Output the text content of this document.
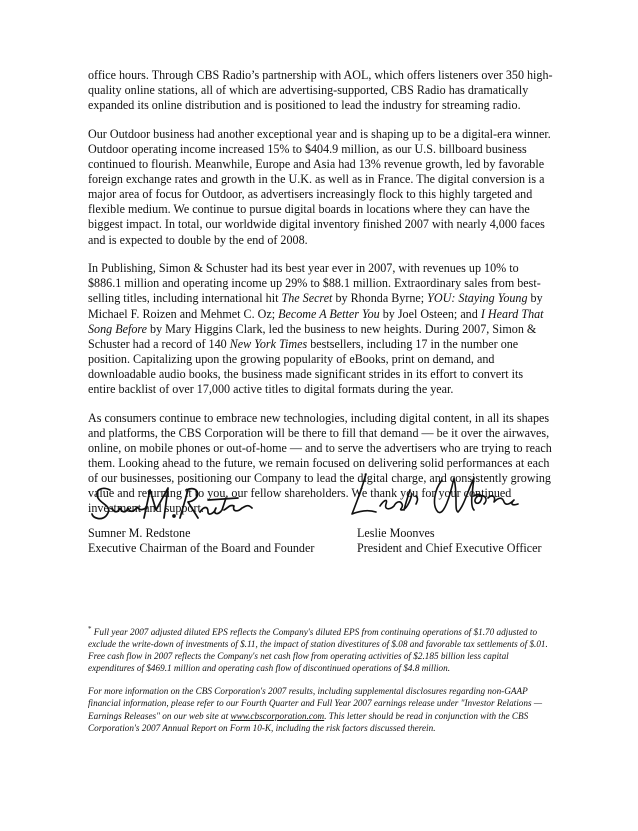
office hours. Through CBS Radio’s partnership with AOL, which offers listeners over 350 high-quality online stations, all of which are advertising-supported, CBS Radio has dramatically expanded its online distribution and is positioned to lead the industry for streaming radio.

Our Outdoor business had another exceptional year and is shaping up to be a digital-era winner. Outdoor operating income increased 15% to $404.9 million, as our U.S. billboard business continued to flourish. Meanwhile, Europe and Asia had 13% revenue growth, led by favorable foreign exchange rates and growth in the U.K. as well as in France. The digital conversion is a major area of focus for Outdoor, as advertisers increasingly flock to this highly targeted and flexible medium. We continue to pursue digital boards in locations where they can have the biggest impact. In total, our worldwide digital inventory finished 2007 with nearly 4,000 faces and is expected to double by the end of 2008.

In Publishing, Simon & Schuster had its best year ever in 2007, with revenues up 10% to $886.1 million and operating income up 29% to $88.1 million. Extraordinary sales from best-selling titles, including international hit The Secret by Rhonda Byrne; YOU: Staying Young by Michael F. Roizen and Mehmet C. Oz; Become A Better You by Joel Osteen; and I Heard That Song Before by Mary Higgins Clark, led the business to new heights. During 2007, Simon & Schuster had a record of 140 New York Times bestsellers, including 17 in the number one position. Capitalizing upon the growing popularity of eBooks, print on demand, and downloadable audio books, the business made significant strides in its effort to convert its entire backlist of over 17,000 active titles to digital formats during the year.

As consumers continue to embrace new technologies, including digital content, in all its shapes and platforms, the CBS Corporation will be there to fill that demand — be it over the airwaves, online, on mobile phones or out-of-home — and to serve the advertisers who are trying to reach them. Looking ahead to the future, we remain focused on delivering solid performances at each of our businesses, positioning our Company to lead the digital charge, and consistently growing value and returning it to you, our fellow shareholders. We thank you for your continued investment and support.

Sumner M. Redstone
Executive Chairman of the Board and Founder
Leslie Moonves
President and Chief Executive Officer

* Full year 2007 adjusted diluted EPS reflects the Company's diluted EPS from continuing operations of $1.70 adjusted to exclude the write-down of investments of $.11, the impact of station divestitures of $.08 and favorable tax settlements of $.01. Free cash flow in 2007 reflects the Company's net cash flow from operating activities of $2.185 billion less capital expenditures of $469.1 million and operating cash flow of discontinued operations of $4.8 million.

For more information on the CBS Corporation's 2007 results, including supplemental disclosures regarding non-GAAP financial information, please refer to our Fourth Quarter and Full Year 2007 earnings release under "Investor Relations — Earnings Releases" on our web site at www.cbscorporation.com. This letter should be read in conjunction with the CBS Corporation's 2007 Annual Report on Form 10-K, including the risk factors discussed therein.
